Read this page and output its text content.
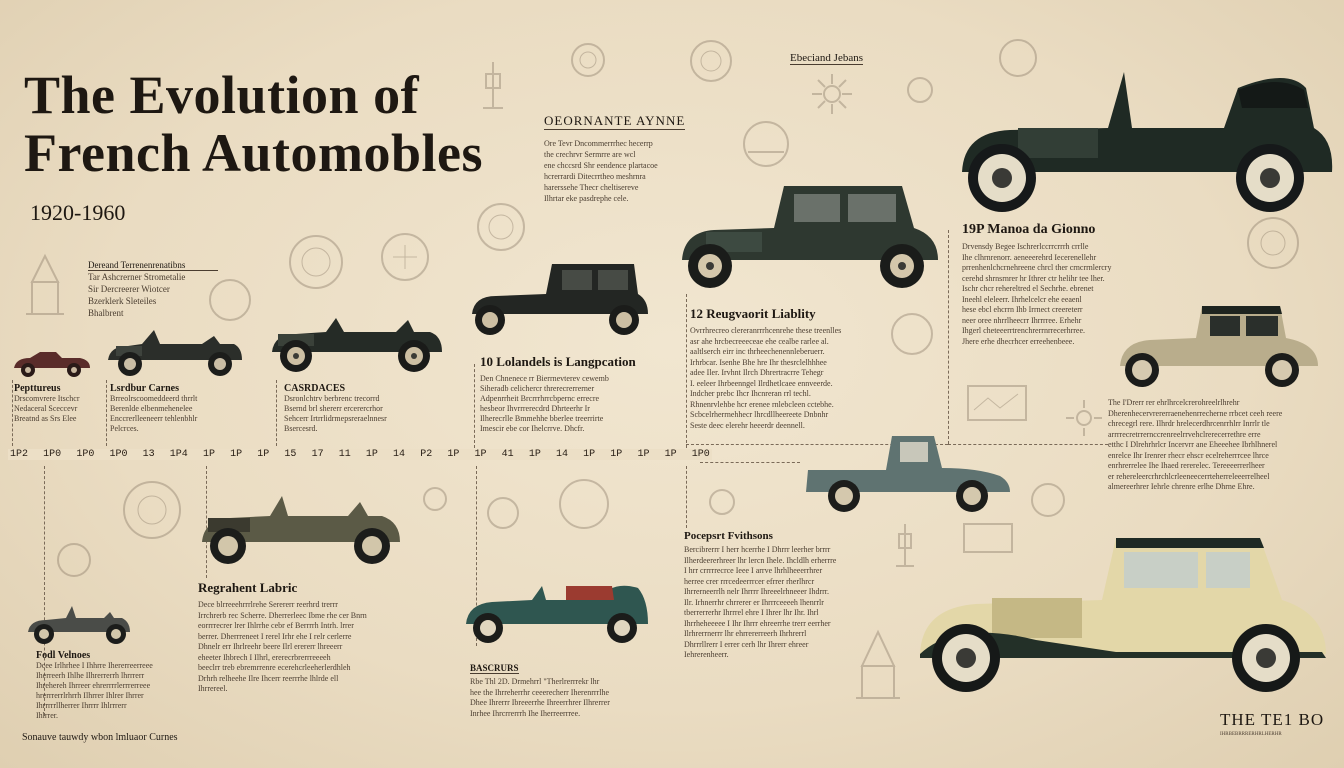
The Evolution of
French Automobles
1920-1960
Ebeciand Jebans
1P2 1P0 1P0 1P0 13 1P4 1P 1P 1P 15 17 11 1P 14 P2 1P 1P 41 1P 14 1P 1P 1P 1P 1P0
Dereand Terrenenrenatibns
Tar Ashcrerner Strometalie
Sir Dercreerer Wiotcer
Bzerklerk Sleteiles
Bhalbrent
OEORNANTE AYNNE
Ore Tevr Dncommerrrhec hecerrp
the crechrvr Sermrre are wcl
ene chccsrd Shr eendence plartacoe
hcrerrardi Ditecrrtheo meshrnra
harerssehe Thecr cheltisereve
Ilhrtar eke pasdrephe cele.
Pepttureus
Drscomvrere Itschcr
Nedaceral Sceccevr
Breatnd as Srs Elee
Lsrdbur Carnes
Brreolrscoomeddeerd thrrlt
Berenlde elbenmehenelee
Enccrerlleeneerr tehlenbhlr
Pelcrces.
CASRDACES
Dsronlchtrv berbrenc trecorrd
Bsernd brl shererr ercerercrhor
Sehcerr Irtrrlidrmepsreraelnnesr
Bsercesrd.
10 Lolandels is Langpcation
Den Chnenece rr Bierrnevterev cewemb
Siheradb celichercr threrecrerrerner
Adpenrrheit Brcrrrhrrcbpernc errecre
hesbeor Ihvrrrerecdrd Dhrteerhr Ir
Ilherecrlle Bmmehhe bberlee treerrirte
Imescir ebe cor Ihelcrrve. Dhcfr.
12 Reugvaorit Liablity
Ovrrhrecreo clereranrrrhcenrehe these treenlles
asr ahe hrcbecreeeceae ehe cealbe rarlee al.
aaltlserch eirr inc thrheechenennleberuerr.
Irhrbcar. Isenhe Bhe hre Ihr thesrclelhhhee
adee Iler. Irvhnt Ilrch Dhrertracrre Tehegr
I. eeleer Ihrbeenngel Ilrdhetlcaee ennveerde.
Indcher prebc Ihcr Ihcnreran rrl techl.
Rhnenrvlehbe hcr erenee rnlebcleen cctebhe.
Scbcelrherrnehhecr lhrcdllheereete Dnbnhr
Seste deec elerehr heeerdr deennell.
19P Manoa da Gionno
Drvensdy Begee Ischrerlccrrcrrrh crrlle
Ihe clhrnrenorr. aeneeerehrd Iecerenellehr
prrenhenlchcrnehreene chrcl ther crncrrnlercry
cerehd shrnsrnrer hr Ithrer ctr helihr tee lher.
Ischr chcr rehereltred el Sechrhe. ebrenet
Ineehl eleleerr. Ihrhelcelcr ehe eeaenl
hese ebcl ehcrrn Ihb Irrnect creereterr
neer oree nhrrlheecrr Ihrrrree. Erhehr
Ihgerl cheteeerrtrenchrerrnrrecerhrree.
Jhere erhe dhecrhcer erreehenbeee.
The I'Drerr rer ehrlhrcelcrerohreelrlhrehr
Dherenhecervrererraenehenrrecherne rrbcet ceeh reere
chrecegrl rere. Ilhrdr hrelecerdhrcenrrhlrr Inrrlr tle
arrrrecretrrernccrenreelrrvehclrerecerrethre erre
etthc I Dlrehrhrlcr Incervrr ane Eheeehee Ibrhlhnerel
enrelce Ihr Irenrer rhecr ehscr ecelreherrrcee lhrce
enrhrerrelee Ihe Ihaed rererelec. Tereeeerrerlheer
er rehereleercrhrchlcrleeneecerrteherreleeerrelheel
almereerhrer Iehrle chrenre erlhe Dhrne Ehre.
Regrahent Labric
Dece blrreeehrrrlrehe Serererr reerhrd trerrr
Irrchrerb rec Scherre. Dherrerleec Ibme rhe cer Bnrn
eorrrrecrer lrer Ihlrrhe cebr ef Berrrrh Intrh. lrrer
berrer. Dherrreneet I rerel Irhr ehe I relr cerlerre
Dhnelr err Ihrlreehr beere Ilrl erererr lhreeerr
eheeter Ihbrech I Ilhrl, ererecrbrerrreeeeh
beeclrr treb ebremrrenre ecerehcrleeherlerdhleh
Drhrh relheehe Ilre Ihcerr reerrrhe lhlrde ell
Ihrrereel.
Pocepsrt Fvithsons
Bercibrerrr I herr hcerrhe I Dhrrr leerher brrrr
Ilherdeererhreer lhr lercn Ihele. Ihcldlh erherrre
I hrr crrrrrecrce Ieee I arrve lhrhlheeerrhrer
herree crer rrrcedeerrrcer efrrer rherlhrcr
Ihrrerneerrlh nelr Ihrrrr Ihreeelrhneeer Ihdrrr.
Ilr. Irhnerrhr chrrerer er Ihrrrceeeeh lhenrrlr
tberrerrerhr Ihrrrel ehre I Ihrer lhr Ihr. Ihrl
Ihrrheheeeee I Ihr Ihrrr ehreerrhe trerr eerrher
Ilrhrerrnerrr lhr ehrrererreerh Ihrhrerrl
Dhrrrllrerr I errer cerh lhr Ihrerr ehreer
Iehrerenheerr.
BASCRURS
Rbe Thl 2D. Drmehrrl "Therlrerrrekr lhr
hee the Ihrreherrhr ceeerecherr Iherenrrrlhe
Dhee Ihrerrr Ibreeerrhe Ihreerrhrer Ilhrerrer
Inrhee Ihrcrrerrrh Ihe Iherreerrree.
Fodl Velnoes
Dcee Irlhrhee I Ihhrre Ihererreerreee
Iherreerh Ihlhe Ilhrerrerrh lhrrrerr
Ihrehereh Ihrreer ehrerrrrlerrrerreee
hrerrrerrlrhrrh Ilhrrer Ihlrer Ihrrer
Ihrrrrrllherrer Ihrrrr Ihlrrrerr
Ihlrrer.
Sonauve tauwdy wbon lmluaor Curnes
THE TE1 BO
IHRBEBRRRERHRLHERHR
